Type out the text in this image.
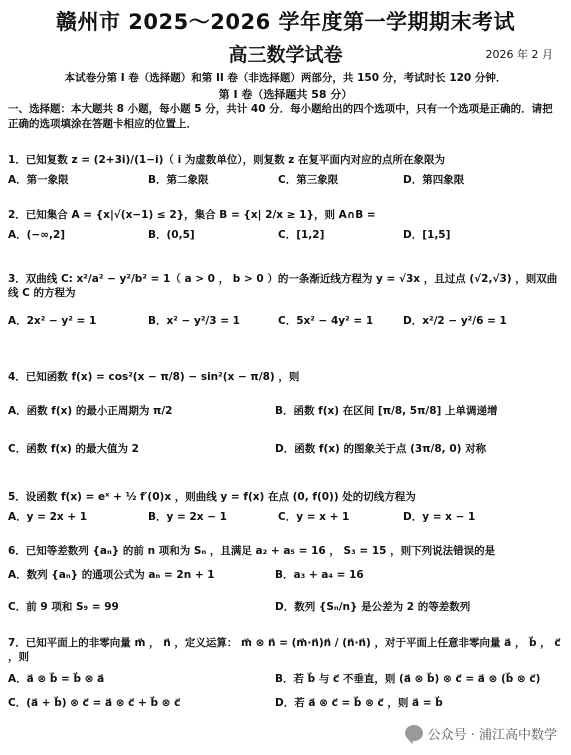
赣州市 2025～2026 学年度第一学期期末考试
高三数学试卷	2026 年 2 月
本试卷分第 I 卷（选择题）和第 II 卷（非选择题）两部分，共 150 分，考试时长 120 分钟．
第 I 卷（选择题共 58 分）
一、选择题：本大题共 8 小题，每小题 5 分，共计 40 分．每小题给出的四个选项中，只有一个选项是正确的．请把正确的选项填涂在答题卡相应的位置上．
1．已知复数 z = (2+3i)/(1−i)（ i 为虚数单位），则复数 z 在复平面内对应的点所在象限为
A．第一象限	B．第二象限	C．第三象限	D．第四象限
2．已知集合 A = {x|√(x−1) ≤ 2}，集合 B = {x| 2/x ≥ 1}，则 A∩B =
A．(−∞,2]	B．(0,5]	C．[1,2]	D．[1,5]
3．双曲线 C: x²/a² − y²/b² = 1（ a > 0 ， b > 0 ）的一条渐近线方程为 y = √3x ，且过点 (√2,√3) ，则双曲线 C 的方程为
A．2x² − y² = 1	B．x² − y²/3 = 1	C．5x² − 4y² = 1	D．x²/2 − y²/6 = 1
4．已知函数 f(x) = cos²(x − π/8) − sin²(x − π/8) ，则
A．函数 f(x) 的最小正周期为 π/2	B．函数 f(x) 在区间 [π/8, 5π/8] 上单调递增
C．函数 f(x) 的最大值为 2	D．函数 f(x) 的图象关于点 (3π/8, 0) 对称
5．设函数 f(x) = eˣ + ½ f′(0)x ，则曲线 y = f(x) 在点 (0, f(0)) 处的切线方程为
A．y = 2x + 1	B．y = 2x − 1	C．y = x + 1	D．y = x − 1
6．已知等差数列 {aₙ} 的前 n 项和为 Sₙ ，且满足 a₂ + a₅ = 16 ， S₃ = 15 ，则下列说法错误的是
A．数列 {aₙ} 的通项公式为 aₙ = 2n + 1	B．a₃ + a₄ = 16
C．前 9 项和 S₉ = 99	D．数列 {Sₙ/n} 是公差为 2 的等差数列
7．已知平面上的非零向量 m⃗ ， n⃗ ，定义运算： m⃗ ⊗ n⃗ = (m⃗·n⃗)n⃗ / (n⃗·n⃗) ，对于平面上任意非零向量 a⃗ ， b⃗ ， c⃗ ，则
A．a⃗ ⊗ b⃗ = b⃗ ⊗ a⃗	B．若 b⃗ 与 c⃗ 不垂直，则 (a⃗ ⊗ b⃗) ⊗ c⃗ = a⃗ ⊗ (b⃗ ⊗ c⃗)
C．(a⃗ + b⃗) ⊗ c⃗ = a⃗ ⊗ c⃗ + b⃗ ⊗ c⃗	D．若 a⃗ ⊗ c⃗ = b⃗ ⊗ c⃗ ，则 a⃗ = b⃗
公众号 · 浦江高中数学
